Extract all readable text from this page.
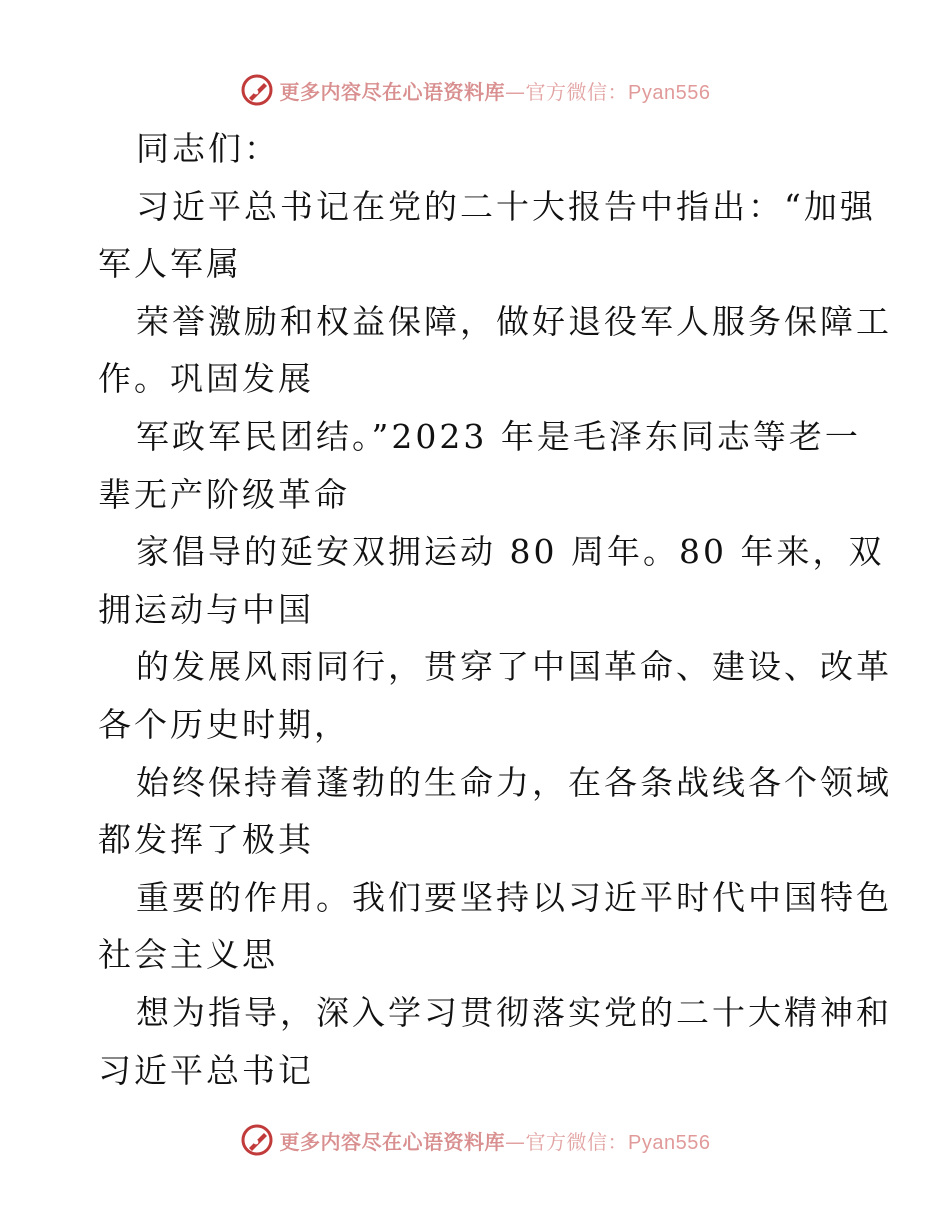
更多内容尽在心语资料库—官方微信：Pyan556
同志们：
习近平总书记在党的二十大报告中指出：“加强
军人军属
荣誉激励和权益保障，做好退役军人服务保障工
作。巩固发展
军政军民团结。”2023 年是毛泽东同志等老一
辈无产阶级革命
家倡导的延安双拥运动 80 周年。80 年来，双
拥运动与中国
的发展风雨同行，贯穿了中国革命、建设、改革
各个历史时期，
始终保持着蓬勃的生命力，在各条战线各个领域
都发挥了极其
重要的作用。我们要坚持以习近平时代中国特色
社会主义思
想为指导，深入学习贯彻落实党的二十大精神和
习近平总书记
更多内容尽在心语资料库—官方微信：Pyan556
